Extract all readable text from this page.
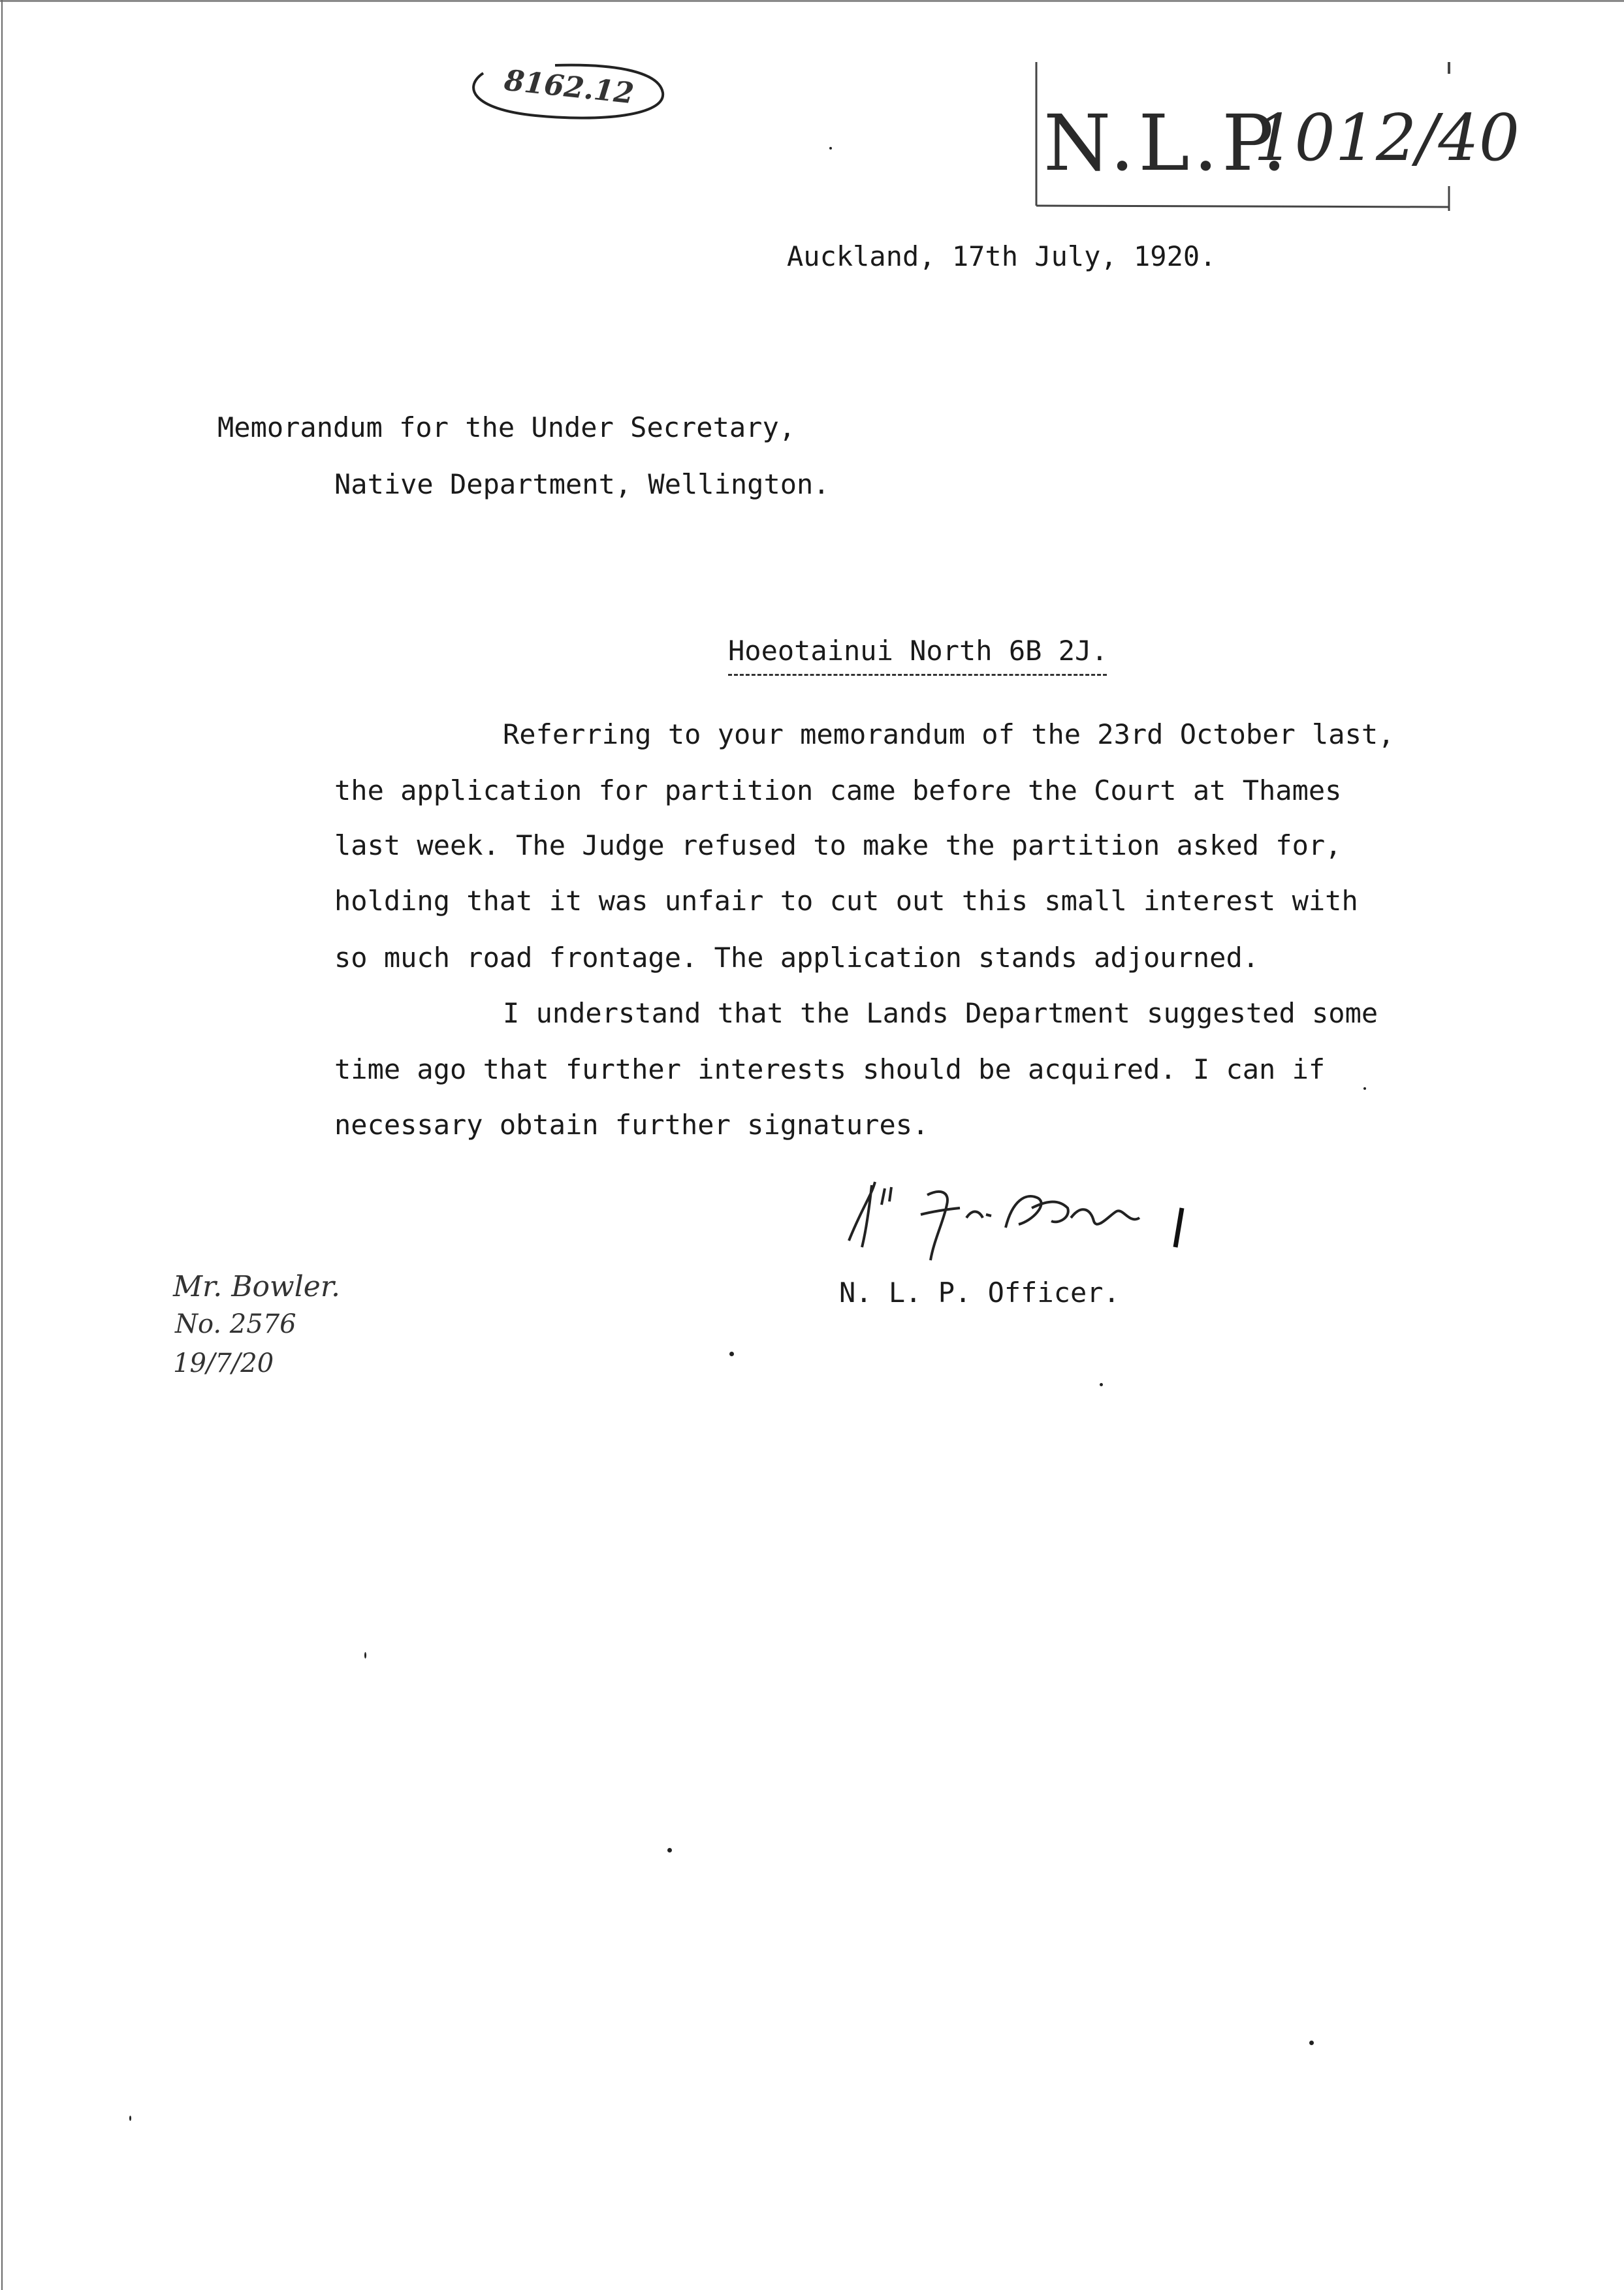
8162.12
N.L.P.
1012/40
Auckland, 17th July, 1920.
Memorandum for the Under Secretary,
Native Department, Wellington.
Hoeotainui North 6B 2J.
Referring to your memorandum of the 23rd October last,
the application for partition came before the Court at Thames
last week. The Judge refused to make the partition asked for,
holding that it was unfair to cut out this small interest with
so much road frontage. The application stands adjourned.
I understand that the Lands Department suggested some
time ago that further interests should be acquired. I can if
necessary obtain further signatures.
N. L. P. Officer.
Mr. Bowler.
No. 2576
19/7/20
